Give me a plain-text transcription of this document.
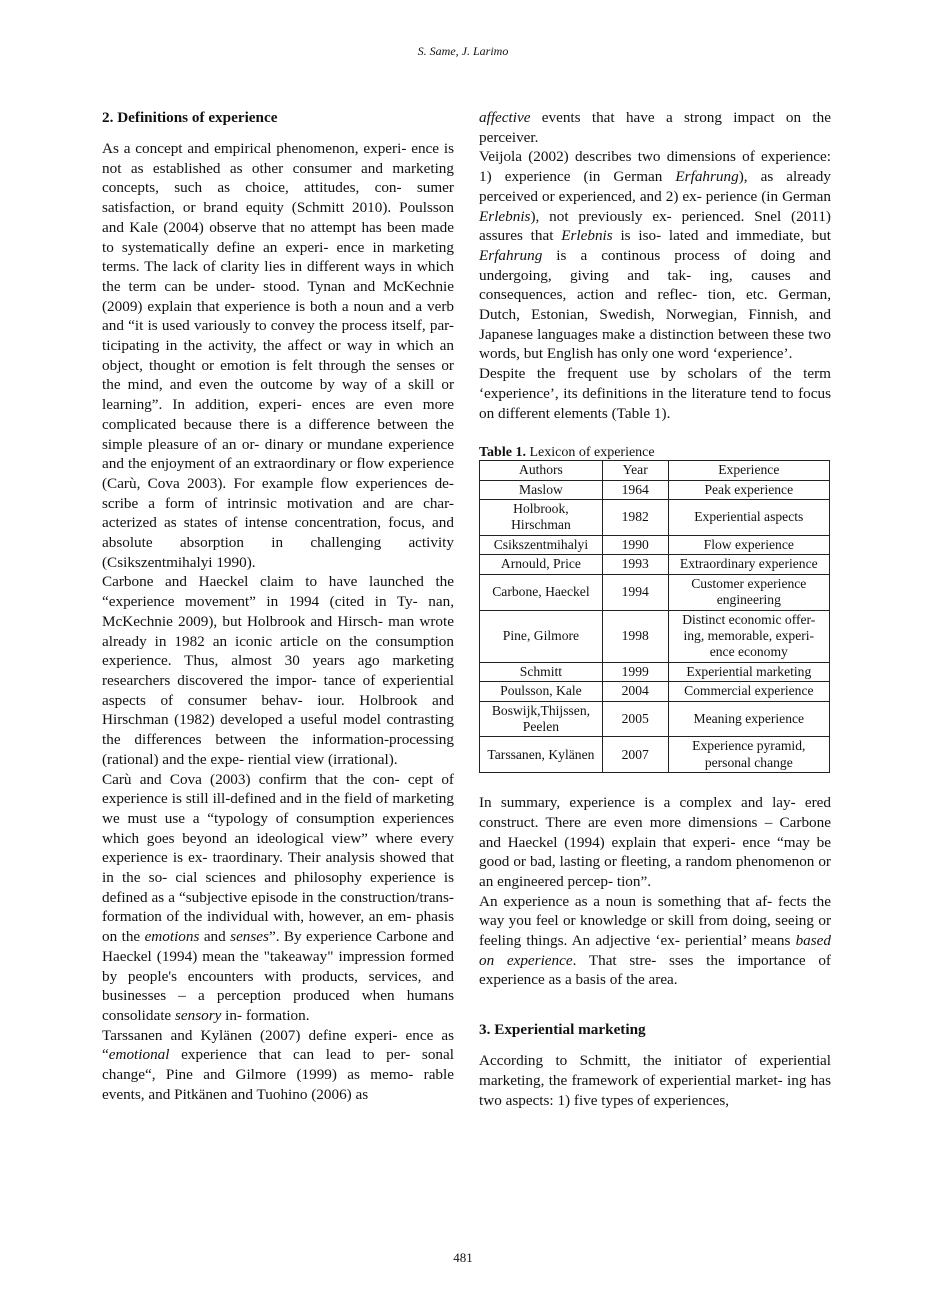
S. Same, J. Larimo
2. Definitions of experience

As a concept and empirical phenomenon, experi- ence is not as established as other consumer and marketing concepts, such as choice, attitudes, con- sumer satisfaction, or brand equity (Schmitt 2010). Poulsson and Kale (2004) observe that no attempt has been made to systematically define an experi- ence in marketing terms. The lack of clarity lies in different ways in which the term can be under- stood. Tynan and McKechnie (2009) explain that experience is both a noun and a verb and “it is used variously to convey the process itself, par- ticipating in the activity, the affect or way in which an object, thought or emotion is felt through the senses or the mind, and even the outcome by way of a skill or learning”. In addition, experi- ences are even more complicated because there is a difference between the simple pleasure of an or- dinary or mundane experience and the enjoyment of an extraordinary or flow experience (Carù, Cova 2003). For example flow experiences de- scribe a form of intrinsic motivation and are char- acterized as states of intense concentration, focus, and absolute absorption in challenging activity (Csikszentmihalyi 1990).

Carbone and Haeckel claim to have launched the “experience movement” in 1994 (cited in Ty- nan, McKechnie 2009), but Holbrook and Hirsch- man wrote already in 1982 an iconic article on the consumption experience. Thus, almost 30 years ago marketing researchers discovered the impor- tance of experiential aspects of consumer behav- iour. Holbrook and Hirschman (1982) developed a useful model contrasting the differences between the information-processing (rational) and the expe- riential view (irrational).

Carù and Cova (2003) confirm that the con- cept of experience is still ill-defined and in the field of marketing we must use a “typology of consumption experiences which goes beyond an ideological view” where every experience is ex- traordinary. Their analysis showed that in the so- cial sciences and philosophy experience is defined as a “subjective episode in the construction/trans- formation of the individual with, however, an em- phasis on the emotions and senses”. By experience Carbone and Haeckel (1994) mean the "takeaway" impression formed by people's encounters with products, services, and businesses – a perception produced when humans consolidate sensory in- formation.

Tarssanen and Kylänen (2007) define experi- ence as “emotional experience that can lead to per- sonal change“, Pine and Gilmore (1999) as memo- rable events, and Pitkänen and Tuohino (2006) as

affective events that have a strong impact on the perceiver.

Veijola (2002) describes two dimensions of experience: 1) experience (in German Erfahrung), as already perceived or experienced, and 2) ex- perience (in German Erlebnis), not previously ex- perienced. Snel (2011) assures that Erlebnis is iso- lated and immediate, but Erfahrung is a continous process of doing and undergoing, giving and tak- ing, causes and consequences, action and reflec- tion, etc. German, Dutch, Estonian, Swedish, Norwegian, Finnish, and Japanese languages make a distinction between these two words, but English has only one word ‘experience’.

Despite the frequent use by scholars of the term ‘experience’, its definitions in the literature tend to focus on different elements (Table 1).

Table 1. Lexicon of experience
Authors	Year	Experience
Maslow	1964	Peak experience
Holbrook, Hirschman	1982	Experiential aspects
Csikszentmihalyi	1990	Flow experience
Arnould, Price	1993	Extraordinary experience
Carbone, Haeckel	1994	Customer experience engineering
Pine, Gilmore	1998	Distinct economic offer- ing, memorable, experi- ence economy
Schmitt	1999	Experiential marketing
Poulsson, Kale	2004	Commercial experience
Boswijk,Thijssen, Peelen	2005	Meaning experience
Tarssanen, Kylänen	2007	Experience pyramid, personal change

In summary, experience is a complex and lay- ered construct. There are even more dimensions – Carbone and Haeckel (1994) explain that experi- ence “may be good or bad, lasting or fleeting, a random phenomenon or an engineered percep- tion”.

An experience as a noun is something that af- fects the way you feel or knowledge or skill from doing, seeing or feeling things. An adjective ‘ex- periential’ means based on experience. That stre- sses the importance of experience as a basis of the area.

3. Experiential marketing

According to Schmitt, the initiator of experiential marketing, the framework of experiential market- ing has two aspects: 1) five types of experiences,

481
